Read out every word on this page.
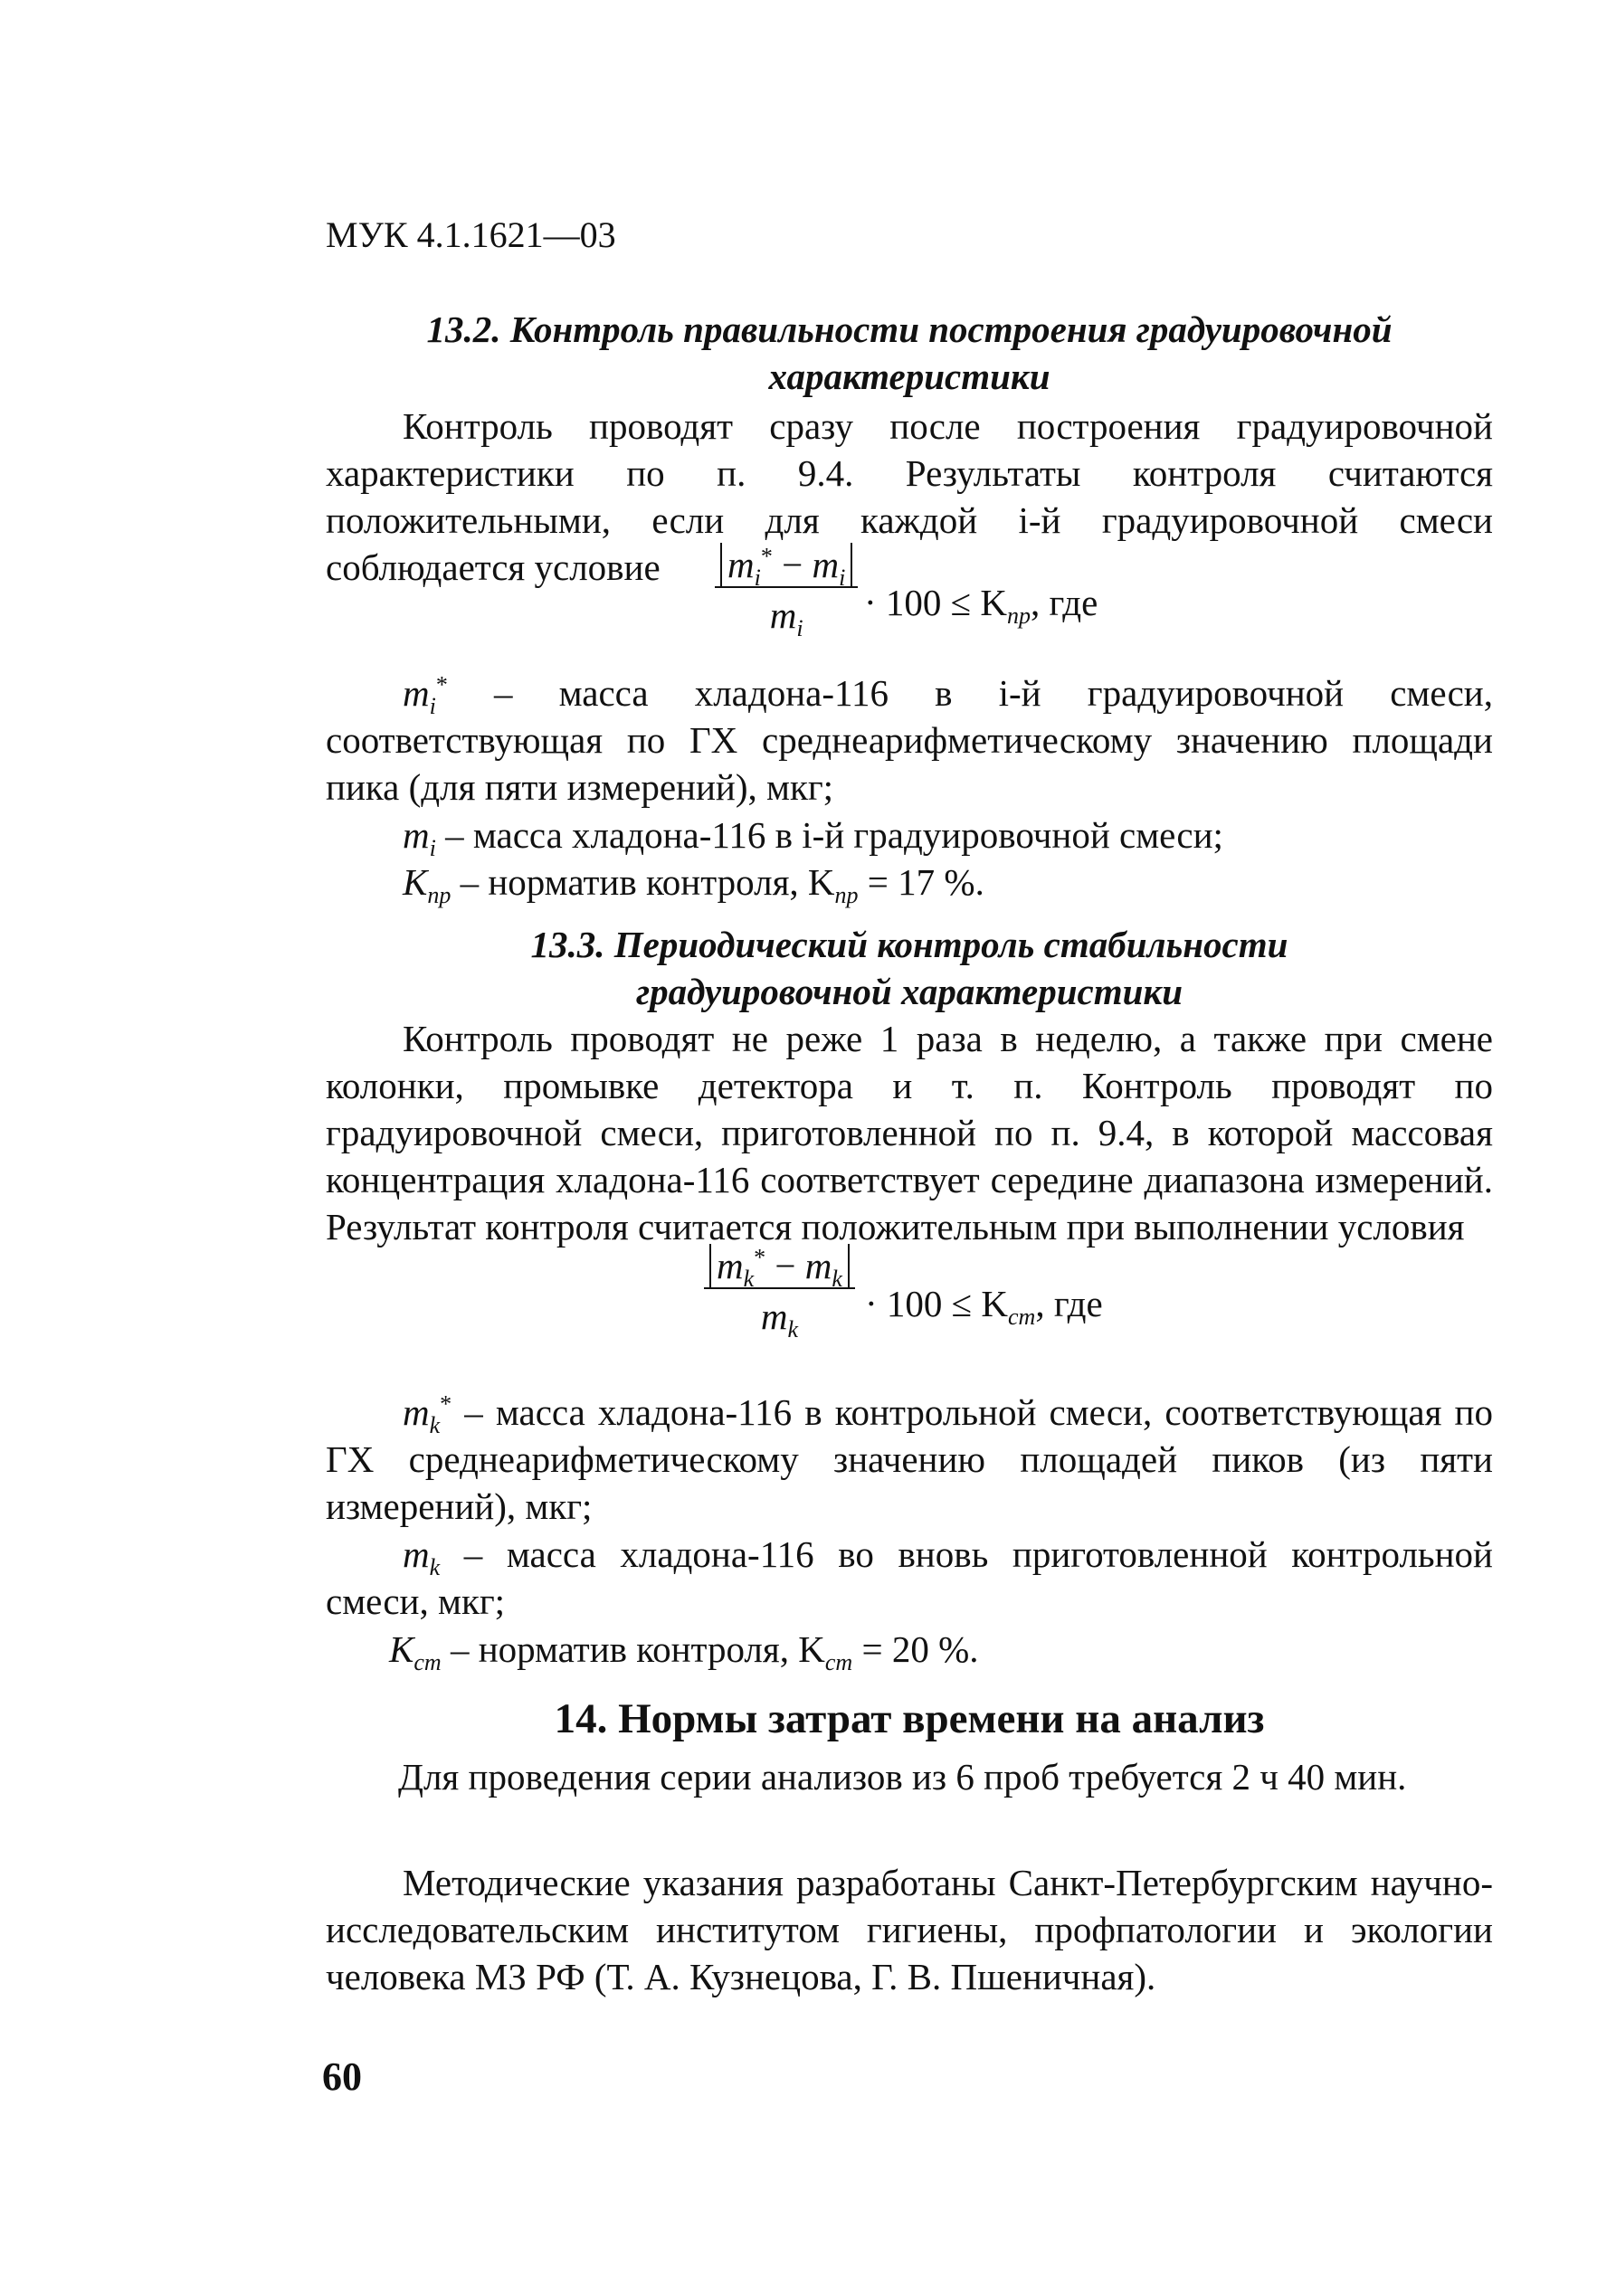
МУК 4.1.1621—03
13.2. Контроль правильности построения градуировочной
характеристики
Контроль проводят сразу после построения градуировочной характеристики по п. 9.4. Результаты контроля считаются положительными, если для каждой i-й градуировочной смеси соблюдается условие	$\frac{m_i^* - m_i}{m_i} \cdot 100 \le K_{пр}$, где
$m_i^*$ – масса хладона-116 в i-й градуировочной смеси, соответствующая по ГХ среднеарифметическому значению площади пика (для пяти измерений), мкг;
$m_i$ – масса хладона-116 в i-й градуировочной смеси;
$K_{пр}$ – норматив контроля, $K_{пр} = 17$ %.
13.3. Периодический контроль стабильности
градуировочной характеристики
Контроль проводят не реже 1 раза в неделю, а также при смене колонки, промывке детектора и т. п. Контроль проводят по градуировочной смеси, приготовленной по п. 9.4, в которой массовая концентрация хладона-116 соответствует середине диапазона измерений. Результат контроля считается положительным при выполнении условия
$\frac{m_k^* - m_k}{m_k} \cdot 100 \le K_{ст}$, где
$m_k^*$ – масса хладона-116 в контрольной смеси, соответствующая по ГХ среднеарифметическому значению площадей пиков (из пяти измерений), мкг;
$m_k$ – масса хладона-116 во вновь приготовленной контрольной смеси, мкг;
$K_{ст}$ – норматив контроля, $K_{ст} = 20$ %.
14. Нормы затрат времени на анализ
Для проведения серии анализов из 6 проб требуется 2 ч 40 мин.
Методические указания разработаны Санкт-Петербургским научно-исследовательским институтом гигиены, профпатологии и экологии человека МЗ РФ (Т. А. Кузнецова, Г. В. Пшеничная).
60
